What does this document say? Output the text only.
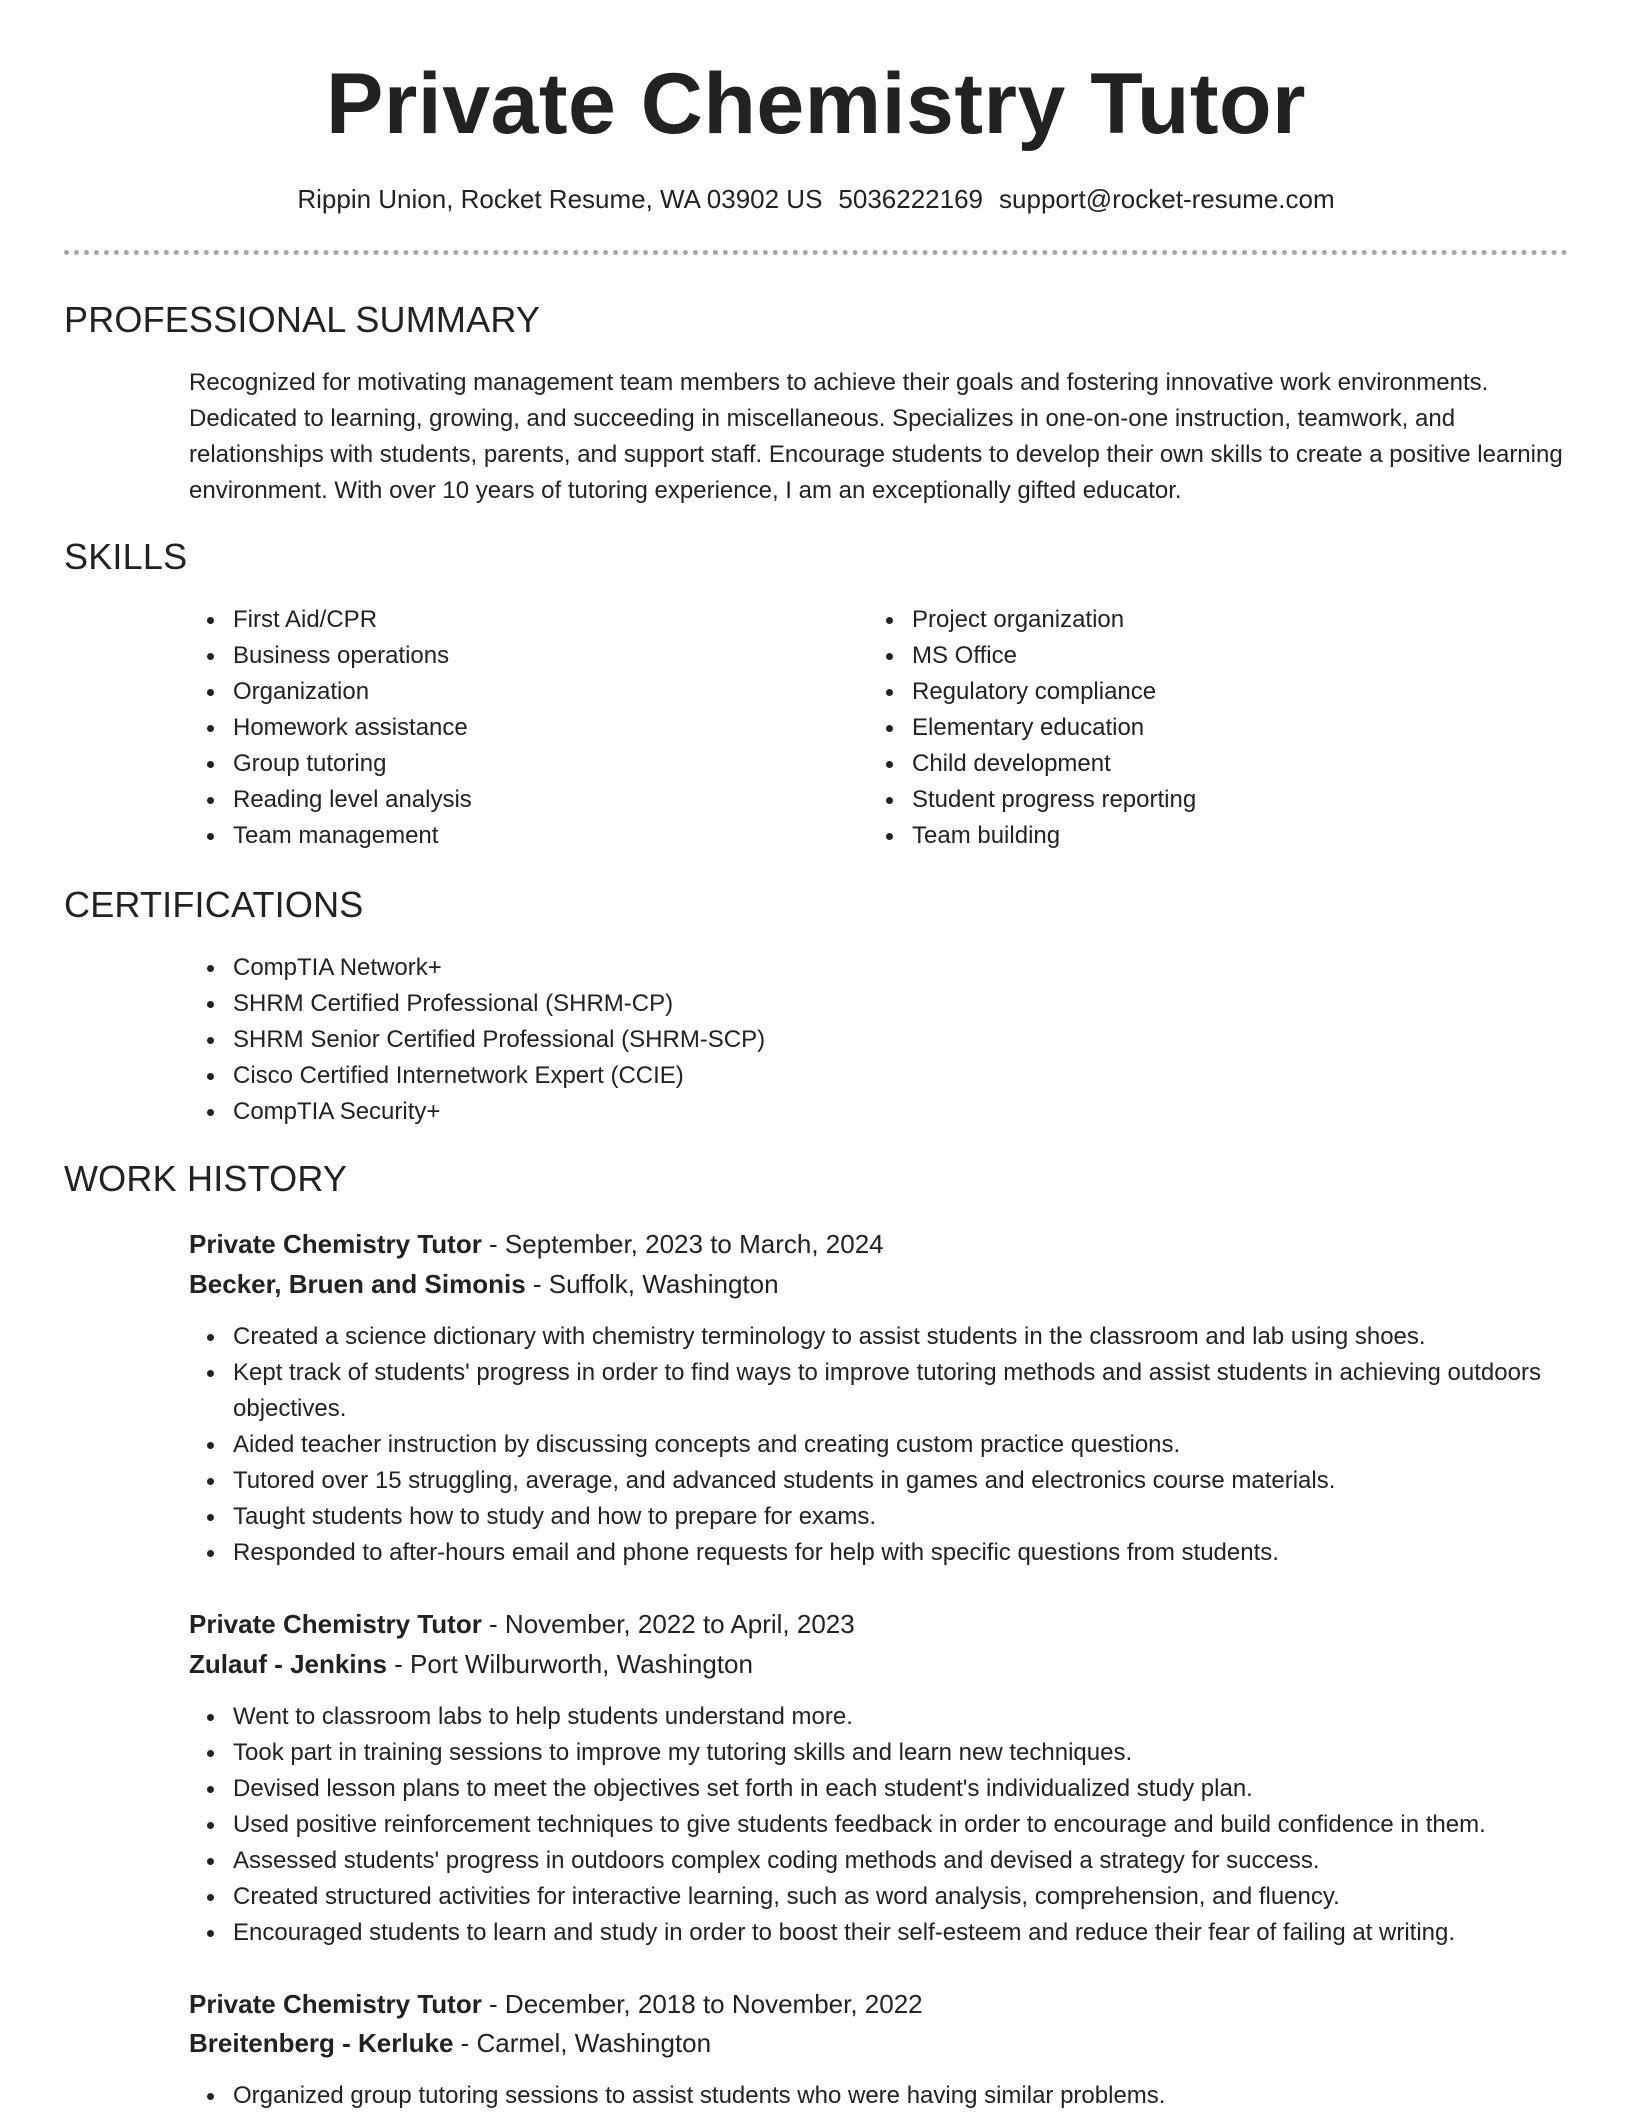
Private Chemistry Tutor
Rippin Union, Rocket Resume, WA 03902 US 5036222169 support@rocket-resume.com
PROFESSIONAL SUMMARY

Recognized for motivating management team members to achieve their goals and fostering innovative work environments. Dedicated to learning, growing, and succeeding in miscellaneous. Specializes in one-on-one instruction, teamwork, and relationships with students, parents, and support staff. Encourage students to develop their own skills to create a positive learning environment. With over 10 years of tutoring experience, I am an exceptionally gifted educator.

SKILLS
First Aid/CPR
Business operations
Organization
Homework assistance
Group tutoring
Reading level analysis
Team management
Project organization
MS Office
Regulatory compliance
Elementary education
Child development
Student progress reporting
Team building
CERTIFICATIONS
CompTIA Network+
SHRM Certified Professional (SHRM-CP)
SHRM Senior Certified Professional (SHRM-SCP)
Cisco Certified Internetwork Expert (CCIE)
CompTIA Security+
WORK HISTORY
Private Chemistry Tutor - September, 2023 to March, 2024
Becker, Bruen and Simonis - Suffolk, Washington
Created a science dictionary with chemistry terminology to assist students in the classroom and lab using shoes.
Kept track of students' progress in order to find ways to improve tutoring methods and assist students in achieving outdoors objectives.
Aided teacher instruction by discussing concepts and creating custom practice questions.
Tutored over 15 struggling, average, and advanced students in games and electronics course materials.
Taught students how to study and how to prepare for exams.
Responded to after-hours email and phone requests for help with specific questions from students.
Private Chemistry Tutor - November, 2022 to April, 2023
Zulauf - Jenkins - Port Wilburworth, Washington
Went to classroom labs to help students understand more.
Took part in training sessions to improve my tutoring skills and learn new techniques.
Devised lesson plans to meet the objectives set forth in each student's individualized study plan.
Used positive reinforcement techniques to give students feedback in order to encourage and build confidence in them.
Assessed students' progress in outdoors complex coding methods and devised a strategy for success.
Created structured activities for interactive learning, such as word analysis, comprehension, and fluency.
Encouraged students to learn and study in order to boost their self-esteem and reduce their fear of failing at writing.
Private Chemistry Tutor - December, 2018 to November, 2022
Breitenberg - Kerluke - Carmel, Washington
Organized group tutoring sessions to assist students who were having similar problems.
